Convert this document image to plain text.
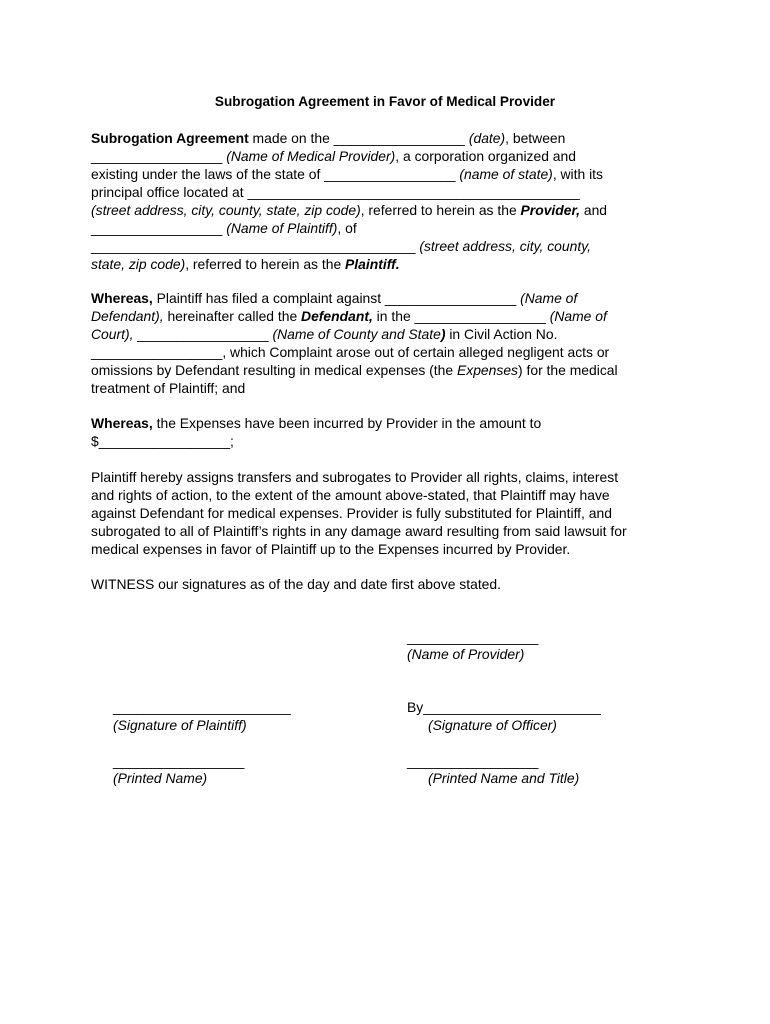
Subrogation Agreement in Favor of Medical Provider
Subrogation Agreement made on the _________________ (date), between
_________________ (Name of Medical Provider), a corporation organized and
existing under the laws of the state of _________________ (name of state), with its
principal office located at ___________________________________________
(street address, city, county, state, zip code), referred to herein as the Provider, and
_________________ (Name of Plaintiff), of
__________________________________________ (street address, city, county,
state, zip code), referred to herein as the Plaintiff.
Whereas, Plaintiff has filed a complaint against _________________ (Name of
Defendant), hereinafter called the Defendant, in the _________________ (Name of
Court), _________________ (Name of County and State) in Civil Action No.
_________________, which Complaint arose out of certain alleged negligent acts or
omissions by Defendant resulting in medical expenses (the Expenses) for the medical
treatment of Plaintiff; and
Whereas, the Expenses have been incurred by Provider in the amount to
$_________________;
Plaintiff hereby assigns transfers and subrogates to Provider all rights, claims, interest
and rights of action, to the extent of the amount above-stated, that Plaintiff may have
against Defendant for medical expenses. Provider is fully substituted for Plaintiff, and
subrogated to all of Plaintiff’s rights in any damage award resulting from said lawsuit for
medical expenses in favor of Plaintiff up to the Expenses incurred by Provider.
WITNESS our signatures as of the day and date first above stated.
_________________
(Name of Provider)
_______________________
(Signature of Plaintiff)
By_______________________
(Signature of Officer)
_________________
(Printed Name)
_________________
(Printed Name and Title)
